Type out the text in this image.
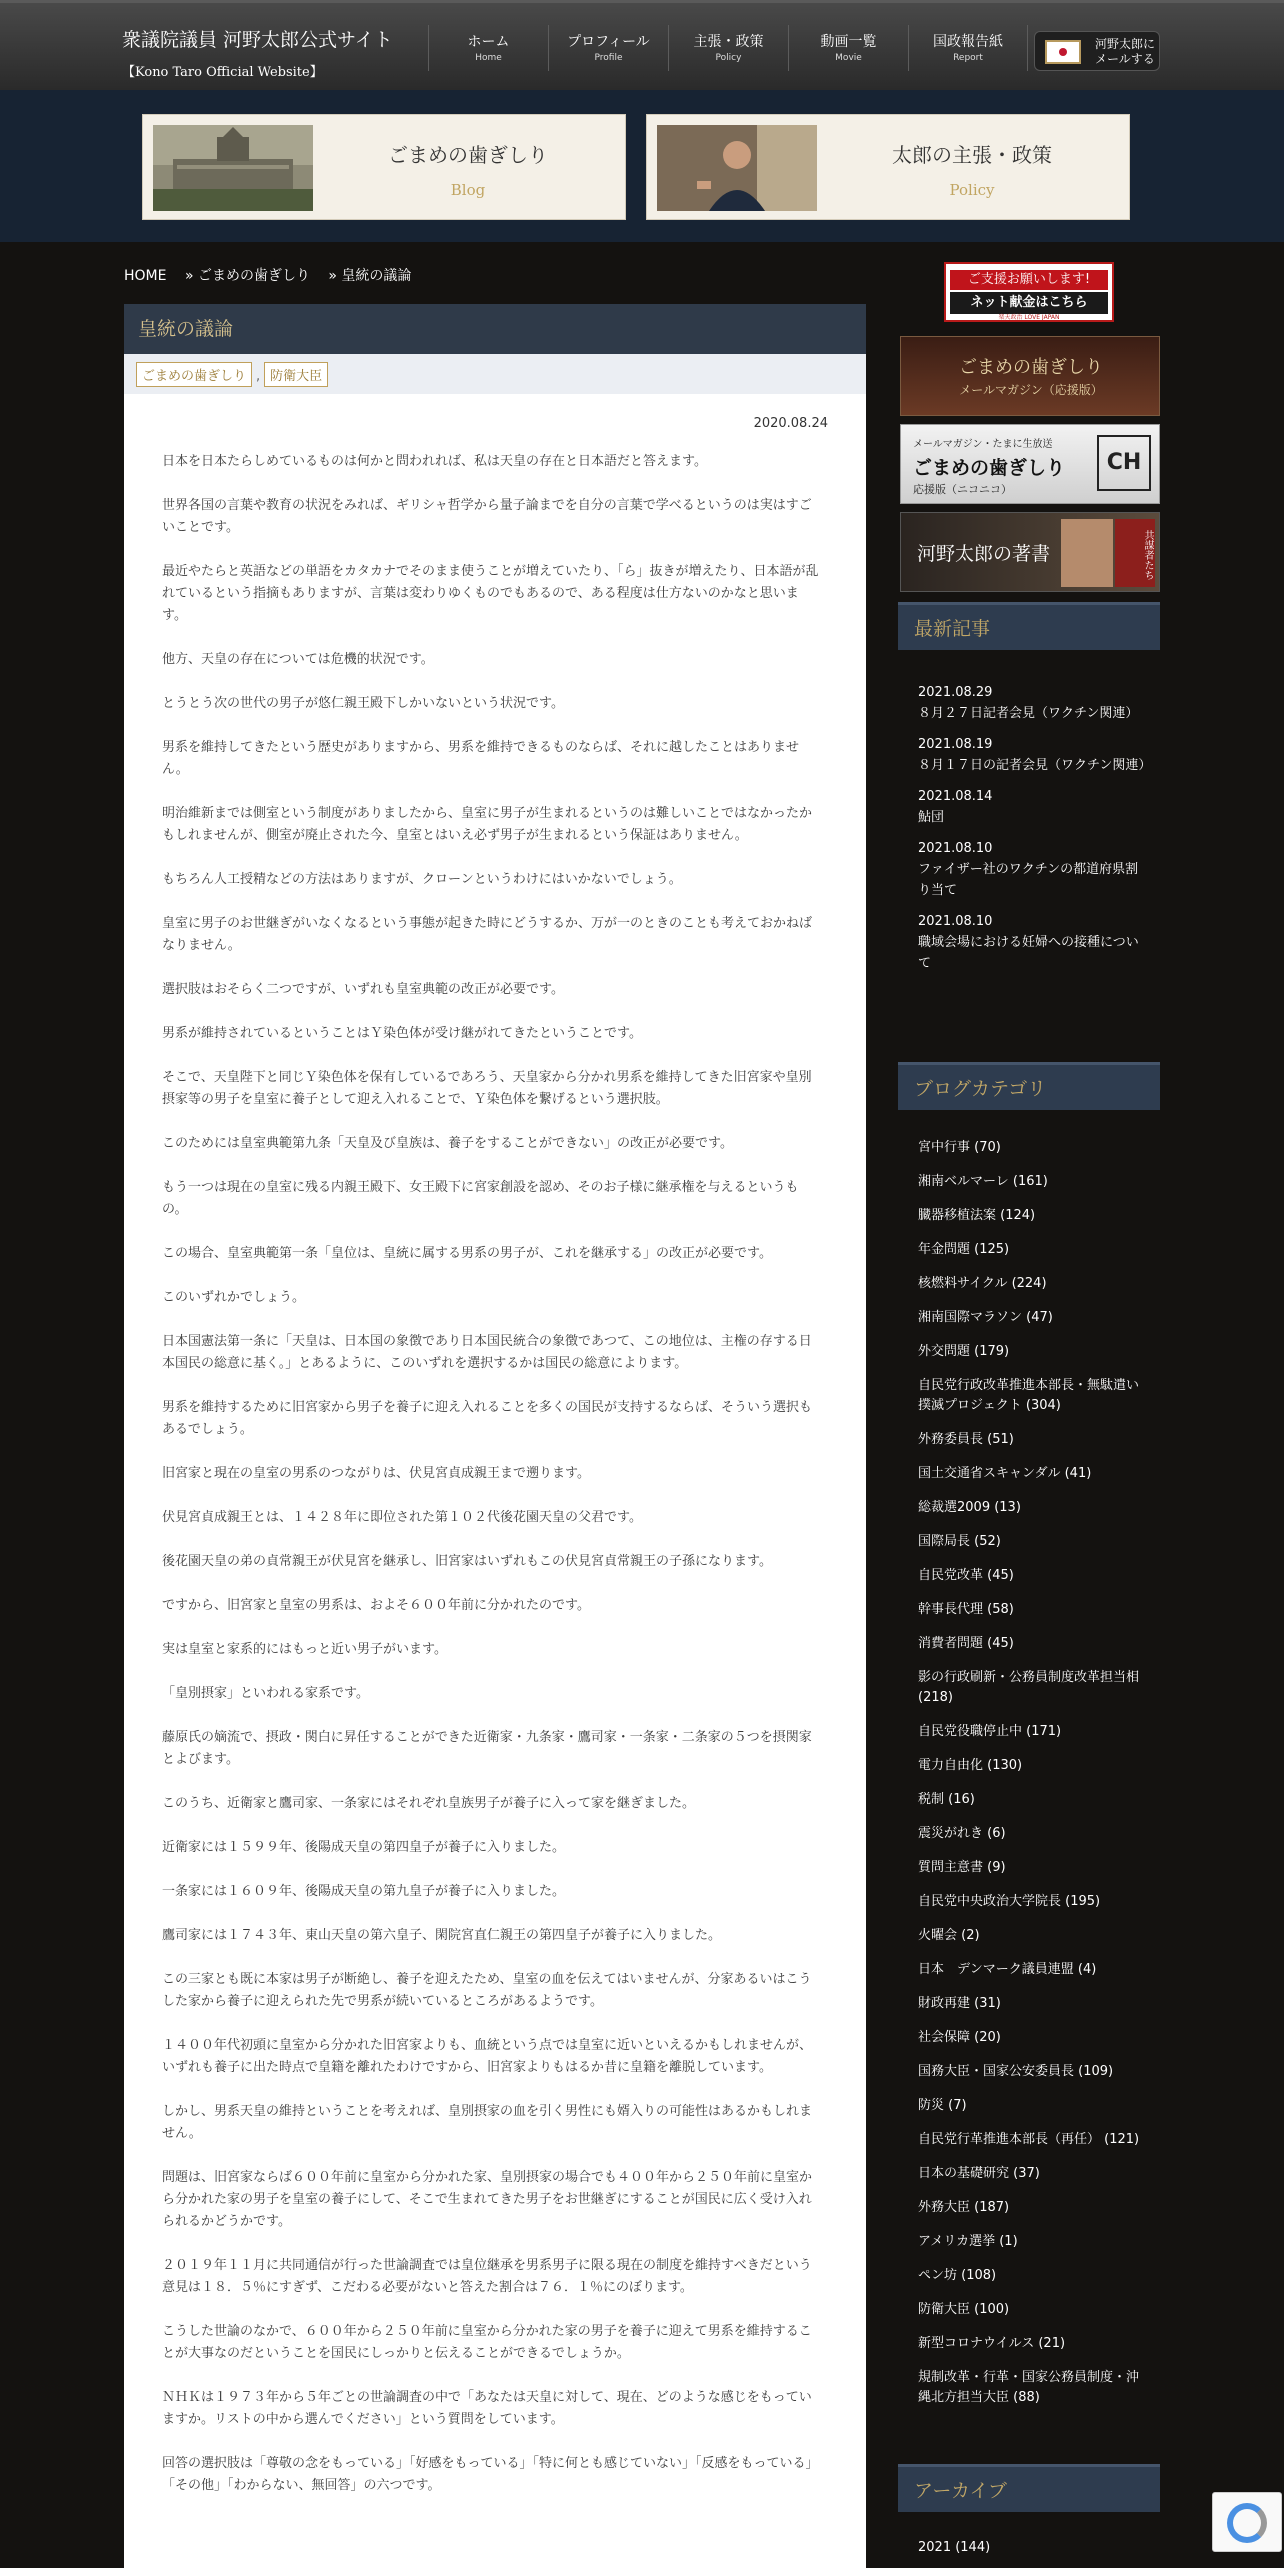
衆議院議員 河野太郎公式サイト
【Kono Taro Official Website】
ホーム
Home
プロフィール
Profile
主張・政策
Policy
動画一覧
Movie
国政報告紙
Report
河野太郎に
メールする
ごまめの歯ぎしり
Blog
太郎の主張・政策
Policy
HOME » ごまめの歯ぎしり » 皇統の議論
皇統の議論
ごまめの歯ぎしり , 防衛大臣
2020.08.24

日本を日本たらしめているものは何かと問われれば、私は天皇の存在と日本語だと答えます。

世界各国の言葉や教育の状況をみれば、ギリシャ哲学から量子論までを自分の言葉で学べるというのは実はすごいことです。

最近やたらと英語などの単語をカタカナでそのまま使うことが増えていたり、「ら」抜きが増えたり、日本語が乱れているという指摘もありますが、言葉は変わりゆくものでもあるので、ある程度は仕方ないのかなと思います。

他方、天皇の存在については危機的状況です。

とうとう次の世代の男子が悠仁親王殿下しかいないという状況です。

男系を維持してきたという歴史がありますから、男系を維持できるものならば、それに越したことはありません。

明治維新までは側室という制度がありましたから、皇室に男子が生まれるというのは難しいことではなかったかもしれませんが、側室が廃止された今、皇室とはいえ必ず男子が生まれるという保証はありません。

もちろん人工授精などの方法はありますが、クローンというわけにはいかないでしょう。

皇室に男子のお世継ぎがいなくなるという事態が起きた時にどうするか、万が一のときのことも考えておかねばなりません。

選択肢はおそらく二つですが、いずれも皇室典範の改正が必要です。

男系が維持されているということはＹ染色体が受け継がれてきたということです。

そこで、天皇陛下と同じＹ染色体を保有しているであろう、天皇家から分かれ男系を維持してきた旧宮家や皇別摂家等の男子を皇室に養子として迎え入れることで、Ｙ染色体を繋げるという選択肢。

このためには皇室典範第九条「天皇及び皇族は、養子をすることができない」の改正が必要です。

もう一つは現在の皇室に残る内親王殿下、女王殿下に宮家創設を認め、そのお子様に継承権を与えるというもの。

この場合、皇室典範第一条「皇位は、皇統に属する男系の男子が、これを継承する」の改正が必要です。

このいずれかでしょう。

日本国憲法第一条に「天皇は、日本国の象徴であり日本国民統合の象徴であつて、この地位は、主権の存する日本国民の総意に基く。」とあるように、このいずれを選択するかは国民の総意によります。

男系を維持するために旧宮家から男子を養子に迎え入れることを多くの国民が支持するならば、そういう選択もあるでしょう。

旧宮家と現在の皇室の男系のつながりは、伏見宮貞成親王まで遡ります。

伏見宮貞成親王とは、１４２８年に即位された第１０２代後花園天皇の父君です。

後花園天皇の弟の貞常親王が伏見宮を継承し、旧宮家はいずれもこの伏見宮貞常親王の子孫になります。

ですから、旧宮家と皇室の男系は、およそ６００年前に分かれたのです。

実は皇室と家系的にはもっと近い男子がいます。

「皇別摂家」といわれる家系です。

藤原氏の嫡流で、摂政・関白に昇任することができた近衛家・九条家・鷹司家・一条家・二条家の５つを摂関家とよびます。

このうち、近衛家と鷹司家、一条家にはそれぞれ皇族男子が養子に入って家を継ぎました。

近衛家には１５９９年、後陽成天皇の第四皇子が養子に入りました。

一条家には１６０９年、後陽成天皇の第九皇子が養子に入りました。

鷹司家には１７４３年、東山天皇の第六皇子、閑院宮直仁親王の第四皇子が養子に入りました。

この三家とも既に本家は男子が断絶し、養子を迎えたため、皇室の血を伝えてはいませんが、分家あるいはこうした家から養子に迎えられた先で男系が続いているところがあるようです。

１４００年代初頭に皇室から分かれた旧宮家よりも、血統という点では皇室に近いといえるかもしれませんが、いずれも養子に出た時点で皇籍を離れたわけですから、旧宮家よりもはるか昔に皇籍を離脱しています。

しかし、男系天皇の維持ということを考えれば、皇別摂家の血を引く男性にも婿入りの可能性はあるかもしれません。

問題は、旧宮家ならば６００年前に皇室から分かれた家、皇別摂家の場合でも４００年から２５０年前に皇室から分かれた家の男子を皇室の養子にして、そこで生まれてきた男子をお世継ぎにすることが国民に広く受け入れられるかどうかです。

２０１９年１１月に共同通信が行った世論調査では皇位継承を男系男子に限る現在の制度を維持すべきだという意見は１８．５％にすぎず、こだわる必要がないと答えた割合は７６．１％にのぼります。

こうした世論のなかで、６００年から２５０年前に皇室から分かれた家の男子を養子に迎えて男系を維持することが大事なのだということを国民にしっかりと伝えることができるでしょうか。

ＮＨＫは１９７３年から５年ごとの世論調査の中で「あなたは天皇に対して、現在、どのような感じをもっていますか。リストの中から選んでください」という質問をしています。

回答の選択肢は「尊敬の念をもっている」「好感をもっている」「特に何とも感じていない」「反感をもっている」「その他」「わからない、無回答」の六つです。

ご支援お願いします!
ネット献金はこちら
楽天政治 LOVE JAPAN
ごまめの歯ぎしり
メールマガジン（応援版）
メールマガジン・たまに生放送
ごまめの歯ぎしり
応援版（ニコニコ）
CH
河野太郎の著書	共謀者たち
最新記事
2021.08.29
８月２７日記者会見（ワクチン関連）
2021.08.19
８月１７日の記者会見（ワクチン関連）
2021.08.14
鮎団
2021.08.10
ファイザー社のワクチンの都道府県割り当て
2021.08.10
職域会場における妊婦への接種について
ブログカテゴリ
宮中行事 (70)
湘南ベルマーレ (161)
臓器移植法案 (124)
年金問題 (125)
核燃料サイクル (224)
湘南国際マラソン (47)
外交問題 (179)
自民党行政改革推進本部長・無駄遣い撲滅プロジェクト (304)
外務委員長 (51)
国土交通省スキャンダル (41)
総裁選2009 (13)
国際局長 (52)
自民党改革 (45)
幹事長代理 (58)
消費者問題 (45)
影の行政刷新・公務員制度改革担当相 (218)
自民党役職停止中 (171)
電力自由化 (130)
税制 (16)
震災がれき (6)
質問主意書 (9)
自民党中央政治大学院長 (195)
火曜会 (2)
日本　デンマーク議員連盟 (4)
財政再建 (31)
社会保障 (20)
国務大臣・国家公安委員長 (109)
防災 (7)
自民党行革推進本部長（再任） (121)
日本の基礎研究 (37)
外務大臣 (187)
アメリカ選挙 (1)
ペン坊 (108)
防衛大臣 (100)
新型コロナウイルス (21)
規制改革・行革・国家公務員制度・沖縄北方担当大臣 (88)
アーカイブ
2021 (144)
